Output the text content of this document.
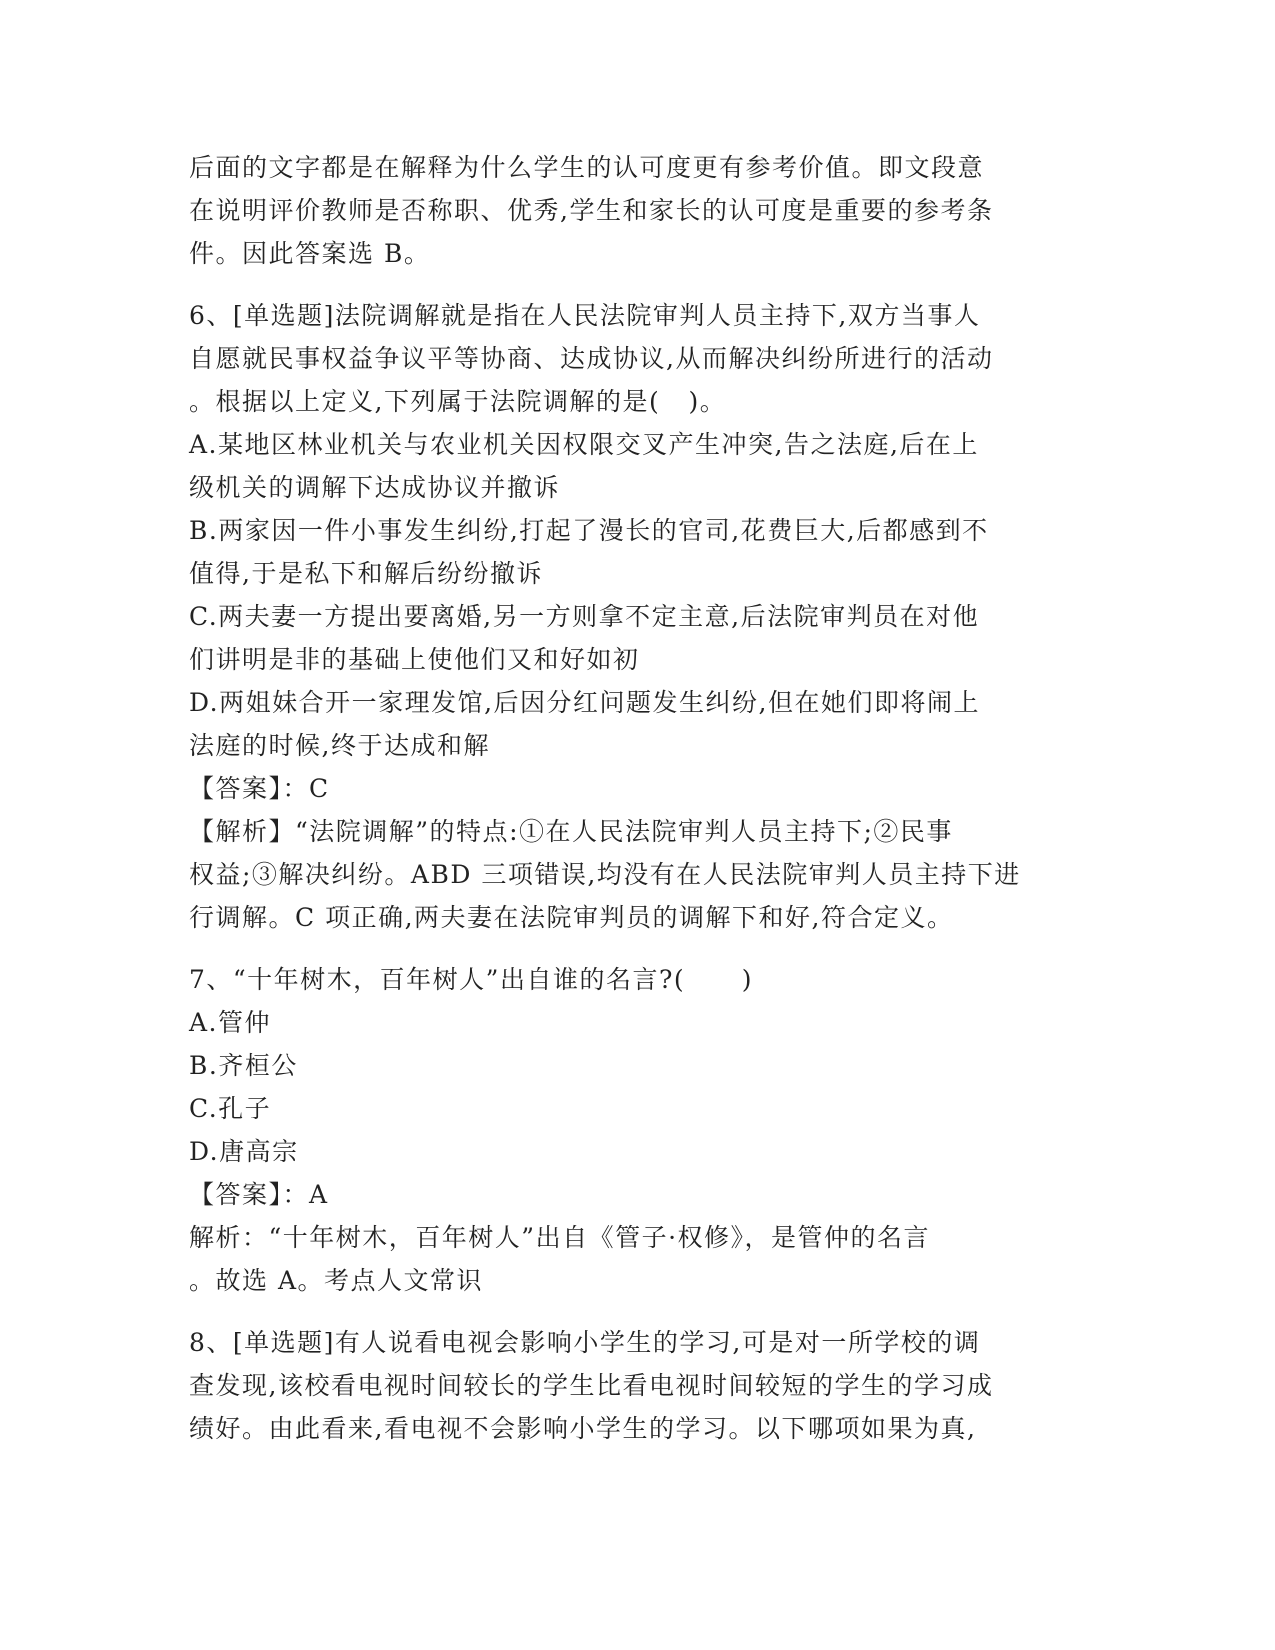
后面的文字都是在解释为什么学生的认可度更有参考价值。即文段意
在说明评价教师是否称职、优秀,学生和家长的认可度是重要的参考条
件。因此答案选 B。
6、[单选题]法院调解就是指在人民法院审判人员主持下,双方当事人
自愿就民事权益争议平等协商、达成协议,从而解决纠纷所进行的活动
。根据以上定义,下列属于法院调解的是(   )。
A.某地区林业机关与农业机关因权限交叉产生冲突,告之法庭,后在上
级机关的调解下达成协议并撤诉
B.两家因一件小事发生纠纷,打起了漫长的官司,花费巨大,后都感到不
值得,于是私下和解后纷纷撤诉
C.两夫妻一方提出要离婚,另一方则拿不定主意,后法院审判员在对他
们讲明是非的基础上使他们又和好如初
D.两姐妹合开一家理发馆,后因分红问题发生纠纷,但在她们即将闹上
法庭的时候,终于达成和解
【答案】：C
【解析】“法院调解”的特点:①在人民法院审判人员主持下;②民事
权益;③解决纠纷。ABD 三项错误,均没有在人民法院审判人员主持下进
行调解。C 项正确,两夫妻在法院审判员的调解下和好,符合定义。
7、“十年树木，百年树人”出自谁的名言?(      )
A.管仲
B.齐桓公
C.孔子
D.唐高宗
【答案】：A
解析：“十年树木，百年树人”出自《管子·权修》，是管仲的名言
。故选 A。考点人文常识
8、[单选题]有人说看电视会影响小学生的学习,可是对一所学校的调
查发现,该校看电视时间较长的学生比看电视时间较短的学生的学习成
绩好。由此看来,看电视不会影响小学生的学习。以下哪项如果为真,
